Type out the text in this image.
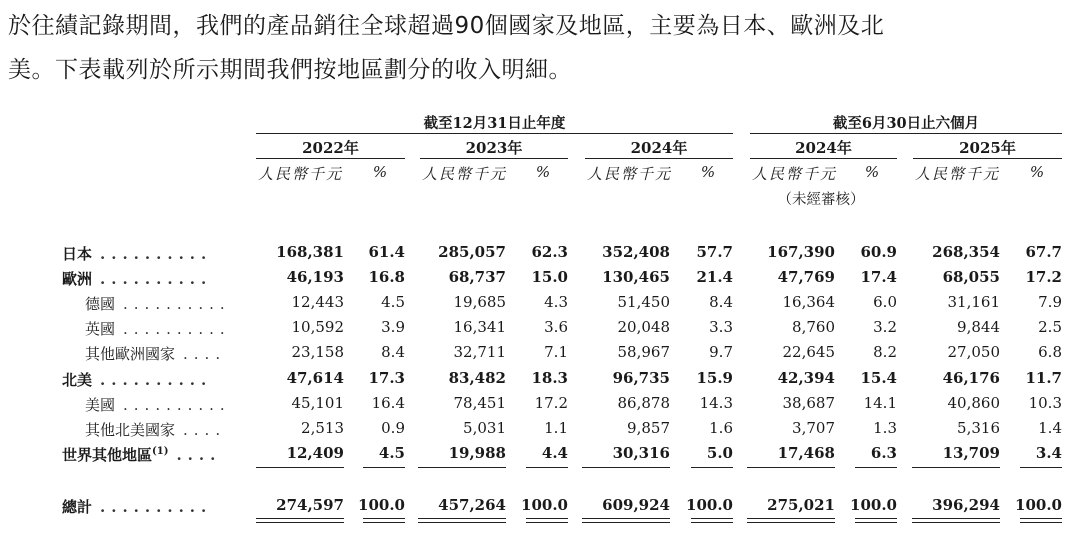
於往績記錄期間，我們的產品銷往全球超過90個國家及地區，主要為日本、歐洲及北
美。下表載列於所示期間我們按地區劃分的收入明細。
截至12月31日止年度	截至6月30日止六個月
2022年
人民幣千元	%
2023年
人民幣千元	%
2024年
人民幣千元	%
2024年
人民幣千元	%
2025年
人民幣千元	%
（未經審核）
日本 ..........	168,381	61.4	285,057	62.3	352,408	57.7	167,390	60.9	268,354	67.7
歐洲 ..........	46,193	16.8	68,737	15.0	130,465	21.4	47,769	17.4	68,055	17.2
德國 ..........	12,443	4.5	19,685	4.3	51,450	8.4	16,364	6.0	31,161	7.9
英國 ..........	10,592	3.9	16,341	3.6	20,048	3.3	8,760	3.2	9,844	2.5
其他歐洲國家 ....	23,158	8.4	32,711	7.1	58,967	9.7	22,645	8.2	27,050	6.8
北美 ..........	47,614	17.3	83,482	18.3	96,735	15.9	42,394	15.4	46,176	11.7
美國 ..........	45,101	16.4	78,451	17.2	86,878	14.3	38,687	14.1	40,860	10.3
其他北美國家 ....	2,513	0.9	5,031	1.1	9,857	1.6	3,707	1.3	5,316	1.4
世界其他地區$^{(1)}$ ....	12,409	4.5	19,988	4.4	30,316	5.0	17,468	6.3	13,709	3.4
總計 ..........	274,597 100.0	457,264	100.0	609,924	100.0	275,021	100.0	396,294	100.0
